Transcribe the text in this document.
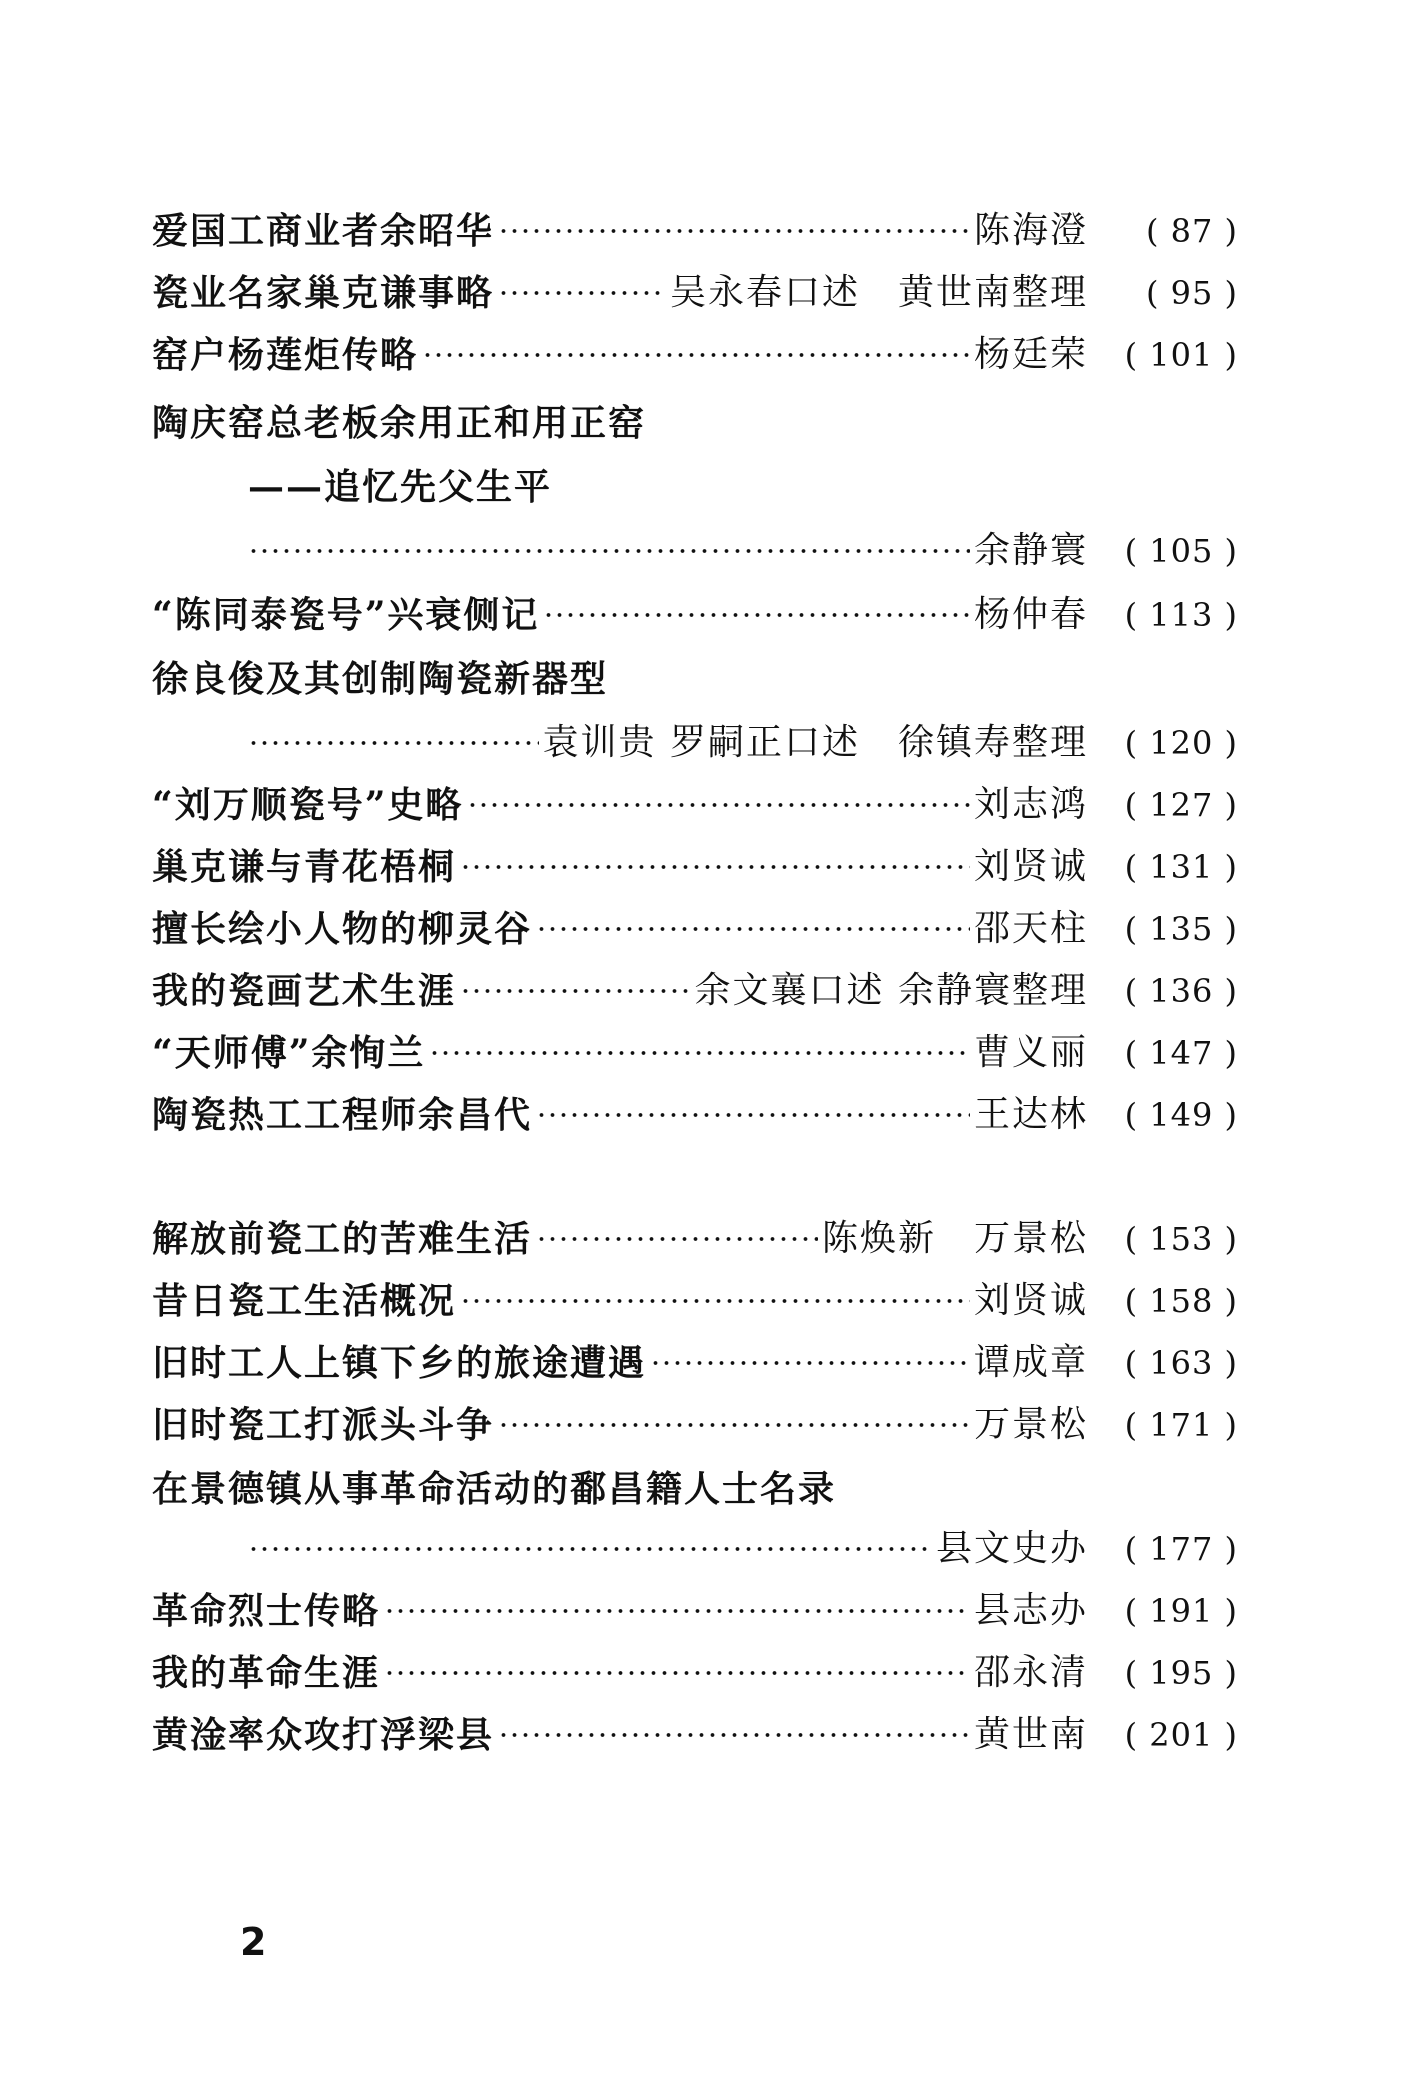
爱国工商业者余昭华	陈海澄	( 87 )
瓷业名家巢克谦事略	吴永春口述　黄世南整理	( 95 )
窑户杨莲炬传略	杨廷荣	( 101 )
陶庆窑总老板余用正和用正窑
——追忆先父生平
余静寰	( 105 )
“陈同泰瓷号”兴衰侧记	杨仲春	( 113 )
徐良俊及其创制陶瓷新器型
袁训贵 罗嗣正口述　徐镇寿整理	( 120 )
“刘万顺瓷号”史略	刘志鸿	( 127 )
巢克谦与青花梧桐	刘贤诚	( 131 )
擅长绘小人物的柳灵谷	邵天柱	( 135 )
我的瓷画艺术生涯	余文襄口述 余静寰整理	( 136 )
“天师傅”余恂兰	曹义丽	( 147 )
陶瓷热工工程师余昌代	王达林	( 149 )
解放前瓷工的苦难生活	陈焕新　万景松	( 153 )
昔日瓷工生活概况	刘贤诚	( 158 )
旧时工人上镇下乡的旅途遭遇	谭成章	( 163 )
旧时瓷工打派头斗争	万景松	( 171 )
在景德镇从事革命活动的鄱昌籍人士名录
县文史办	( 177 )
革命烈士传略	县志办	( 191 )
我的革命生涯	邵永清	( 195 )
黄淦率众攻打浮梁县	黄世南	( 201 )
2
